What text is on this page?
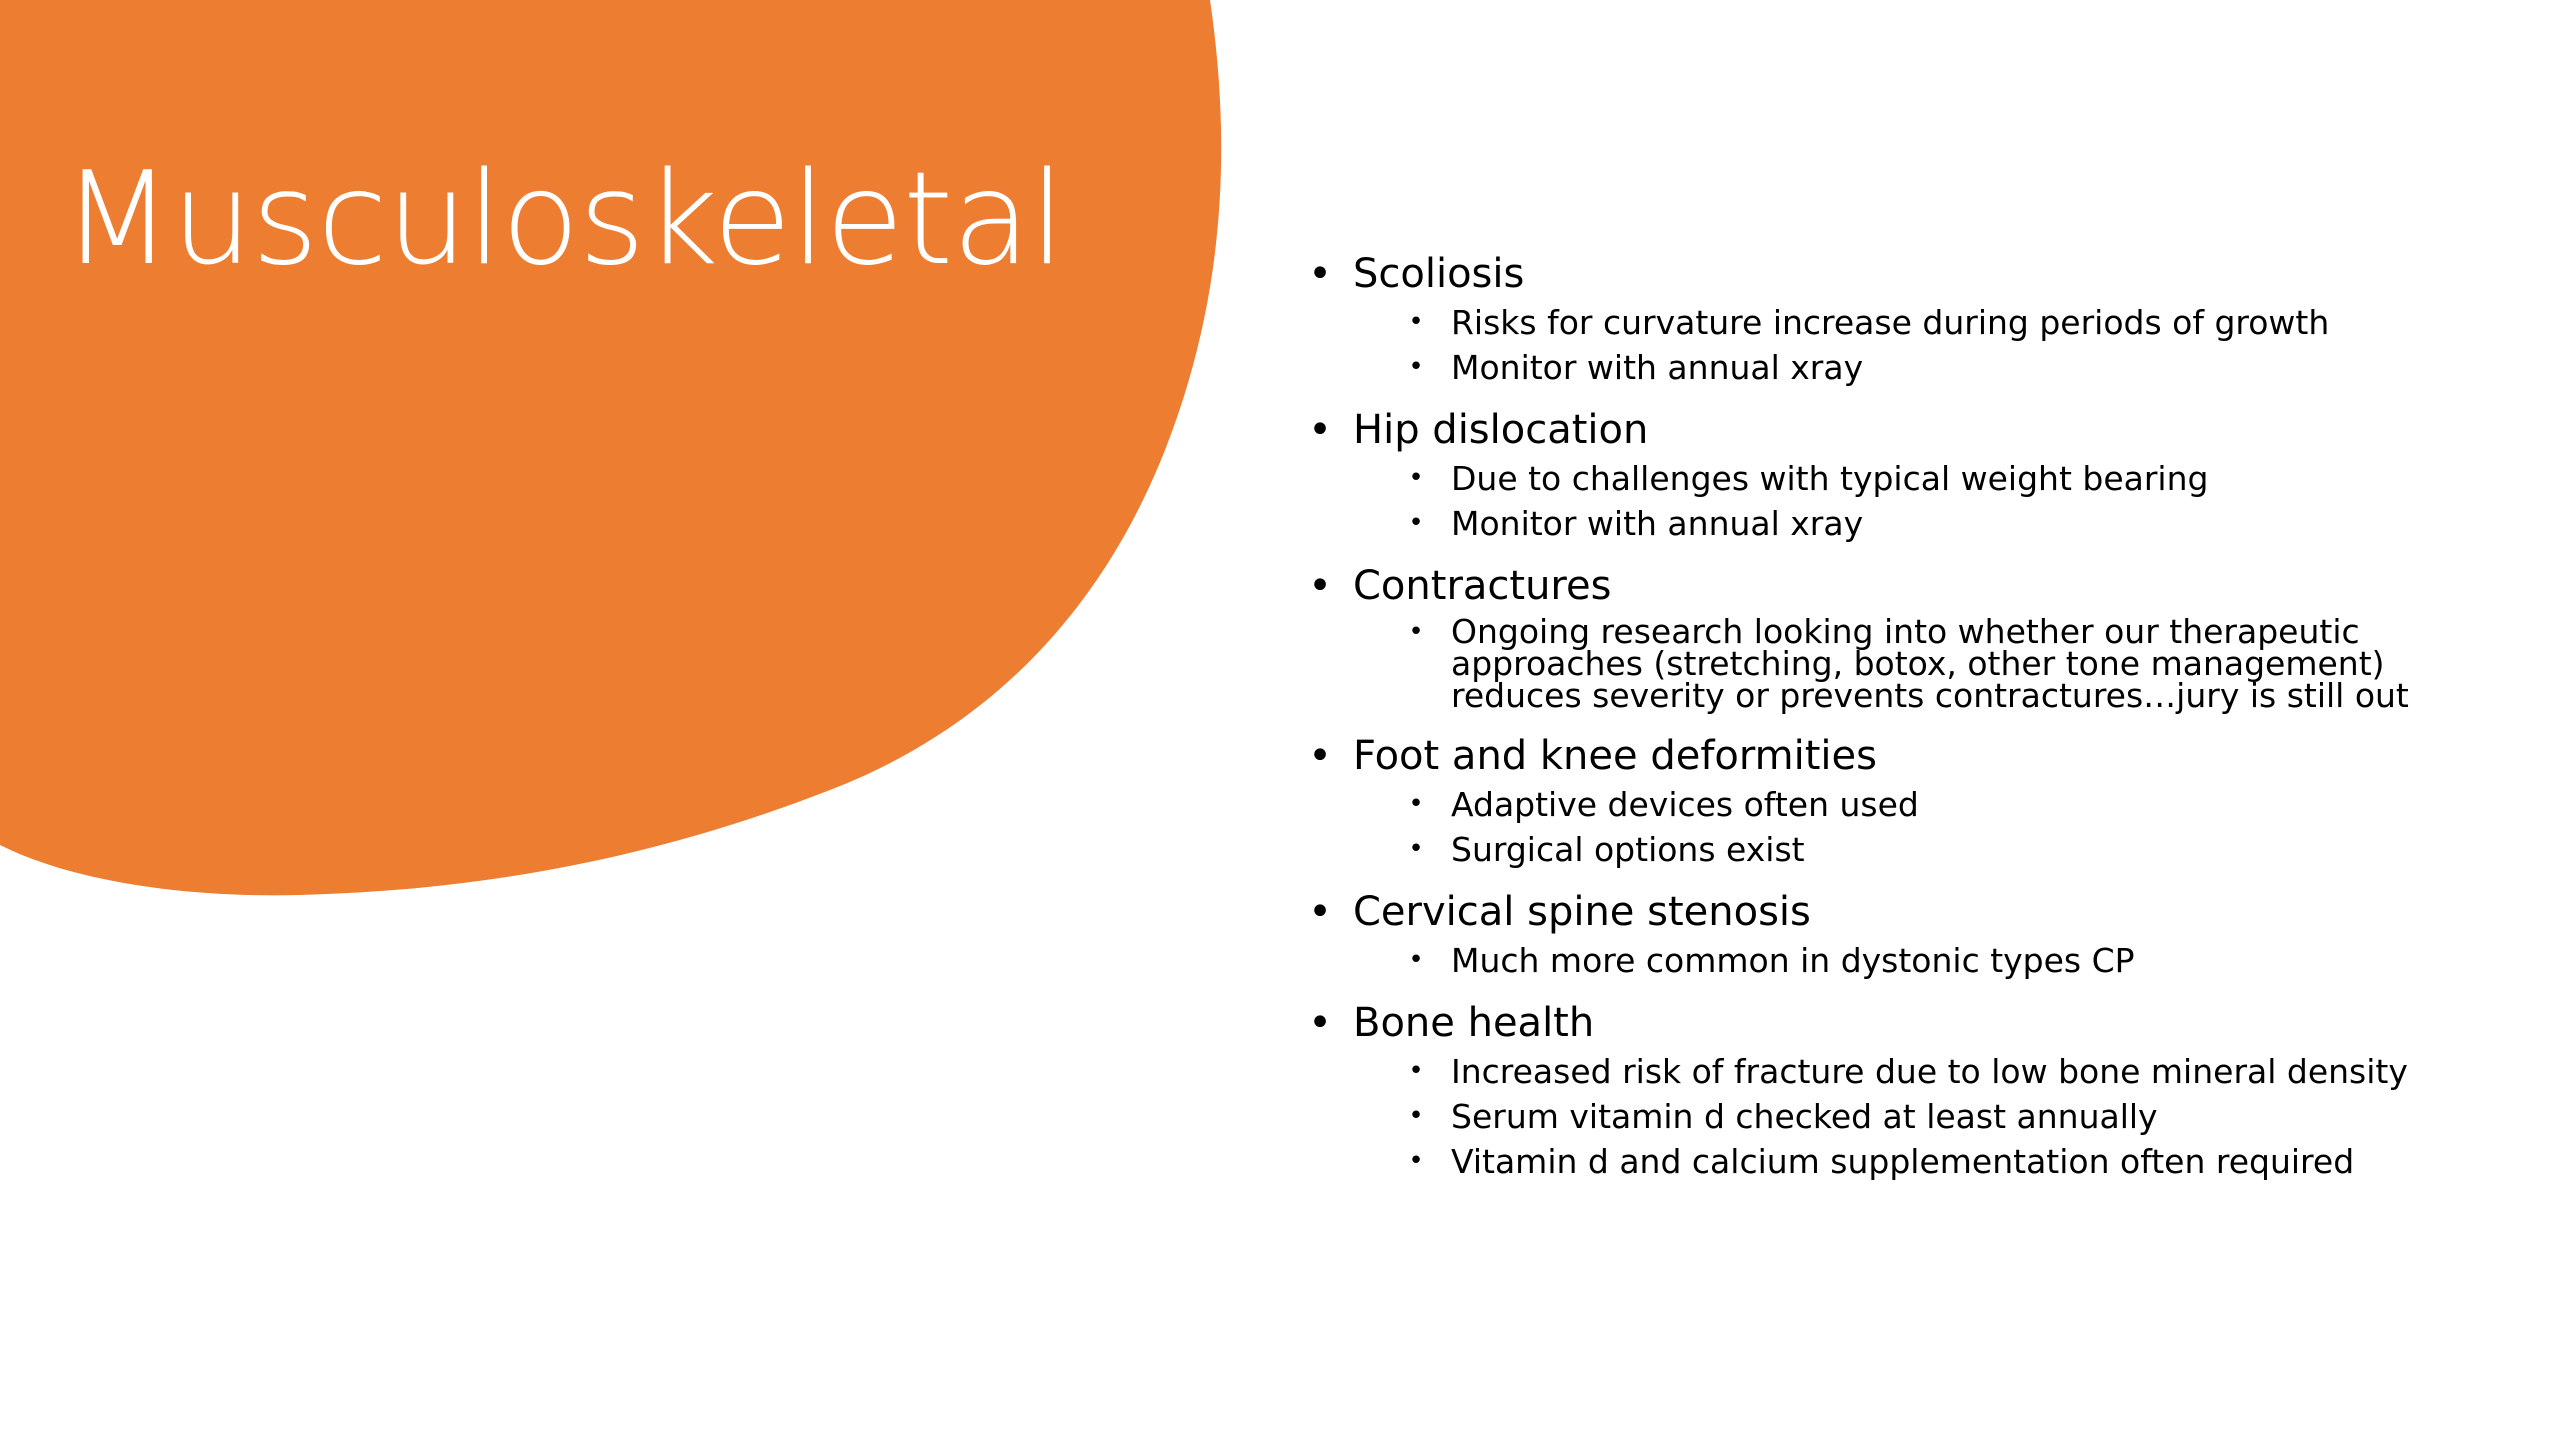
Musculoskeletal	• Scoliosis
• Risks for curvature increase during periods of growth
• Monitor with annual xray
• Hip dislocation
• Due to challenges with typical weight bearing
• Monitor with annual xray
• Contractures
• Ongoing research looking into whether our therapeutic approaches (stretching, botox, other tone management) reduces severity or prevents contractures…jury is still out
• Foot and knee deformities
• Adaptive devices often used
• Surgical options exist
• Cervical spine stenosis
• Much more common in dystonic types CP
• Bone health
• Increased risk of fracture due to low bone mineral density
• Serum vitamin d checked at least annually
• Vitamin d and calcium supplementation often required
